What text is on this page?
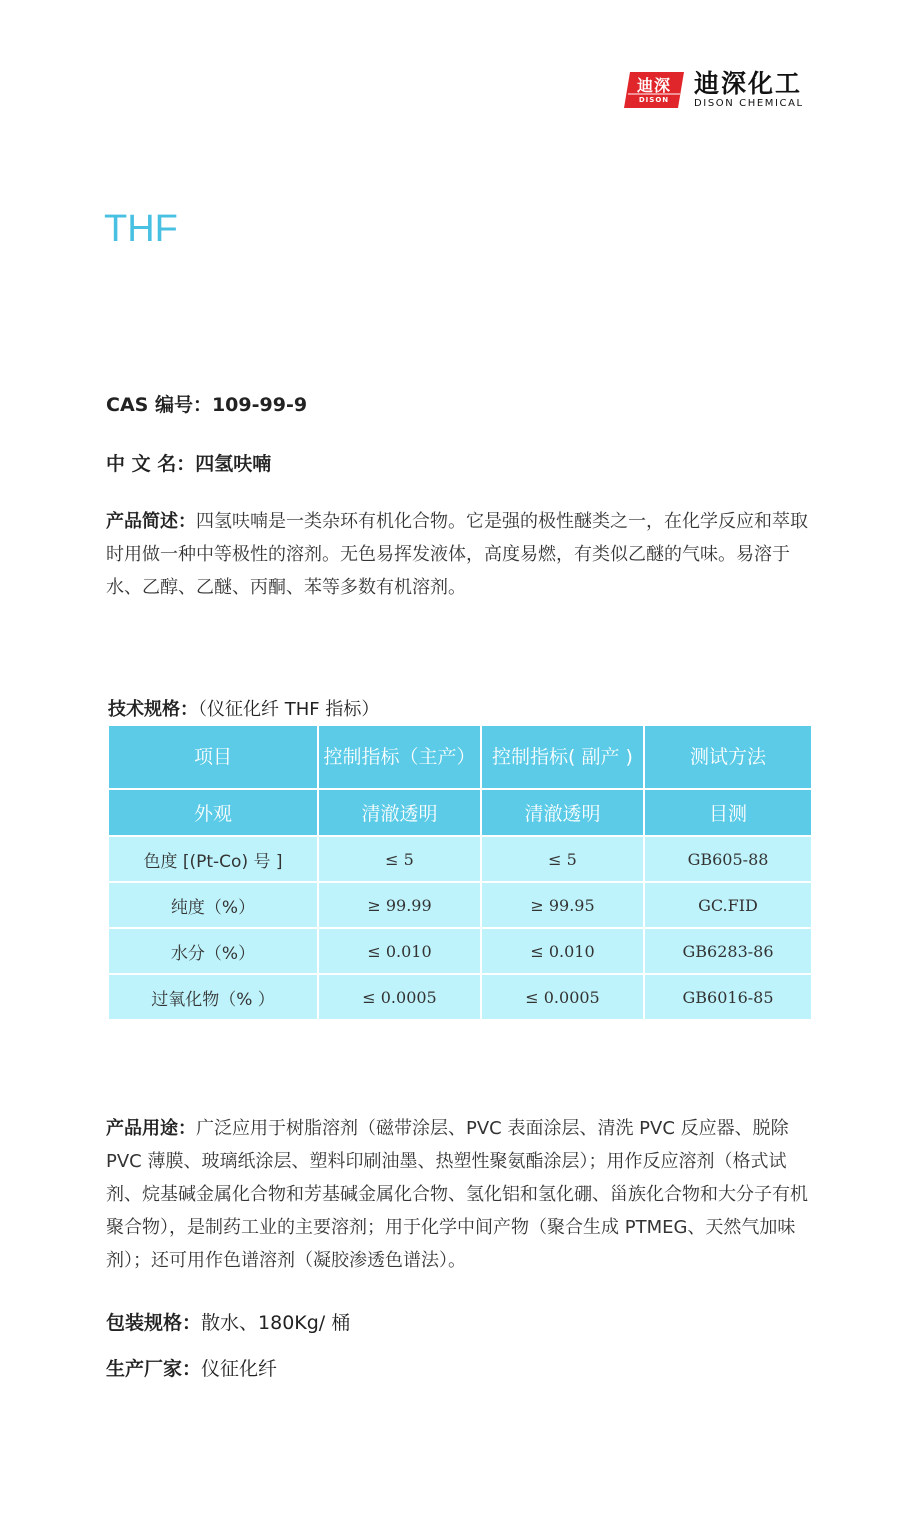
迪深
DISON
迪深化工
DISON CHEMICAL
THF
CAS 编号：109-99-9
中 文 名：四氢呋喃
产品简述：四氢呋喃是一类杂环有机化合物。它是强的极性醚类之一，在化学反应和萃取时用做一种中等极性的溶剂。无色易挥发液体，高度易燃，有类似乙醚的气味。易溶于水、乙醇、乙醚、丙酮、苯等多数有机溶剂。
技术规格：（仪征化纤 THF 指标）
项目	控制指标（主产）	控制指标( 副产 )	测试方法
外观	清澈透明	清澈透明	目测
色度 [(Pt-Co) 号 ]	≤ 5	≤ 5	GB605-88
纯度（%）	≥ 99.99	≥ 99.95	GC.FID
水分（%）	≤ 0.010	≤ 0.010	GB6283-86
过氧化物（% ）	≤ 0.0005	≤ 0.0005	GB6016-85
产品用途：广泛应用于树脂溶剂（磁带涂层、PVC 表面涂层、清洗 PVC 反应器、脱除 PVC 薄膜、玻璃纸涂层、塑料印刷油墨、热塑性聚氨酯涂层）；用作反应溶剂（格式试剂、烷基碱金属化合物和芳基碱金属化合物、氢化铝和氢化硼、甾族化合物和大分子有机聚合物），是制药工业的主要溶剂；用于化学中间产物（聚合生成 PTMEG、天然气加味剂）；还可用作色谱溶剂（凝胶渗透色谱法）。
包装规格：散水、180Kg/ 桶
生产厂家：仪征化纤
